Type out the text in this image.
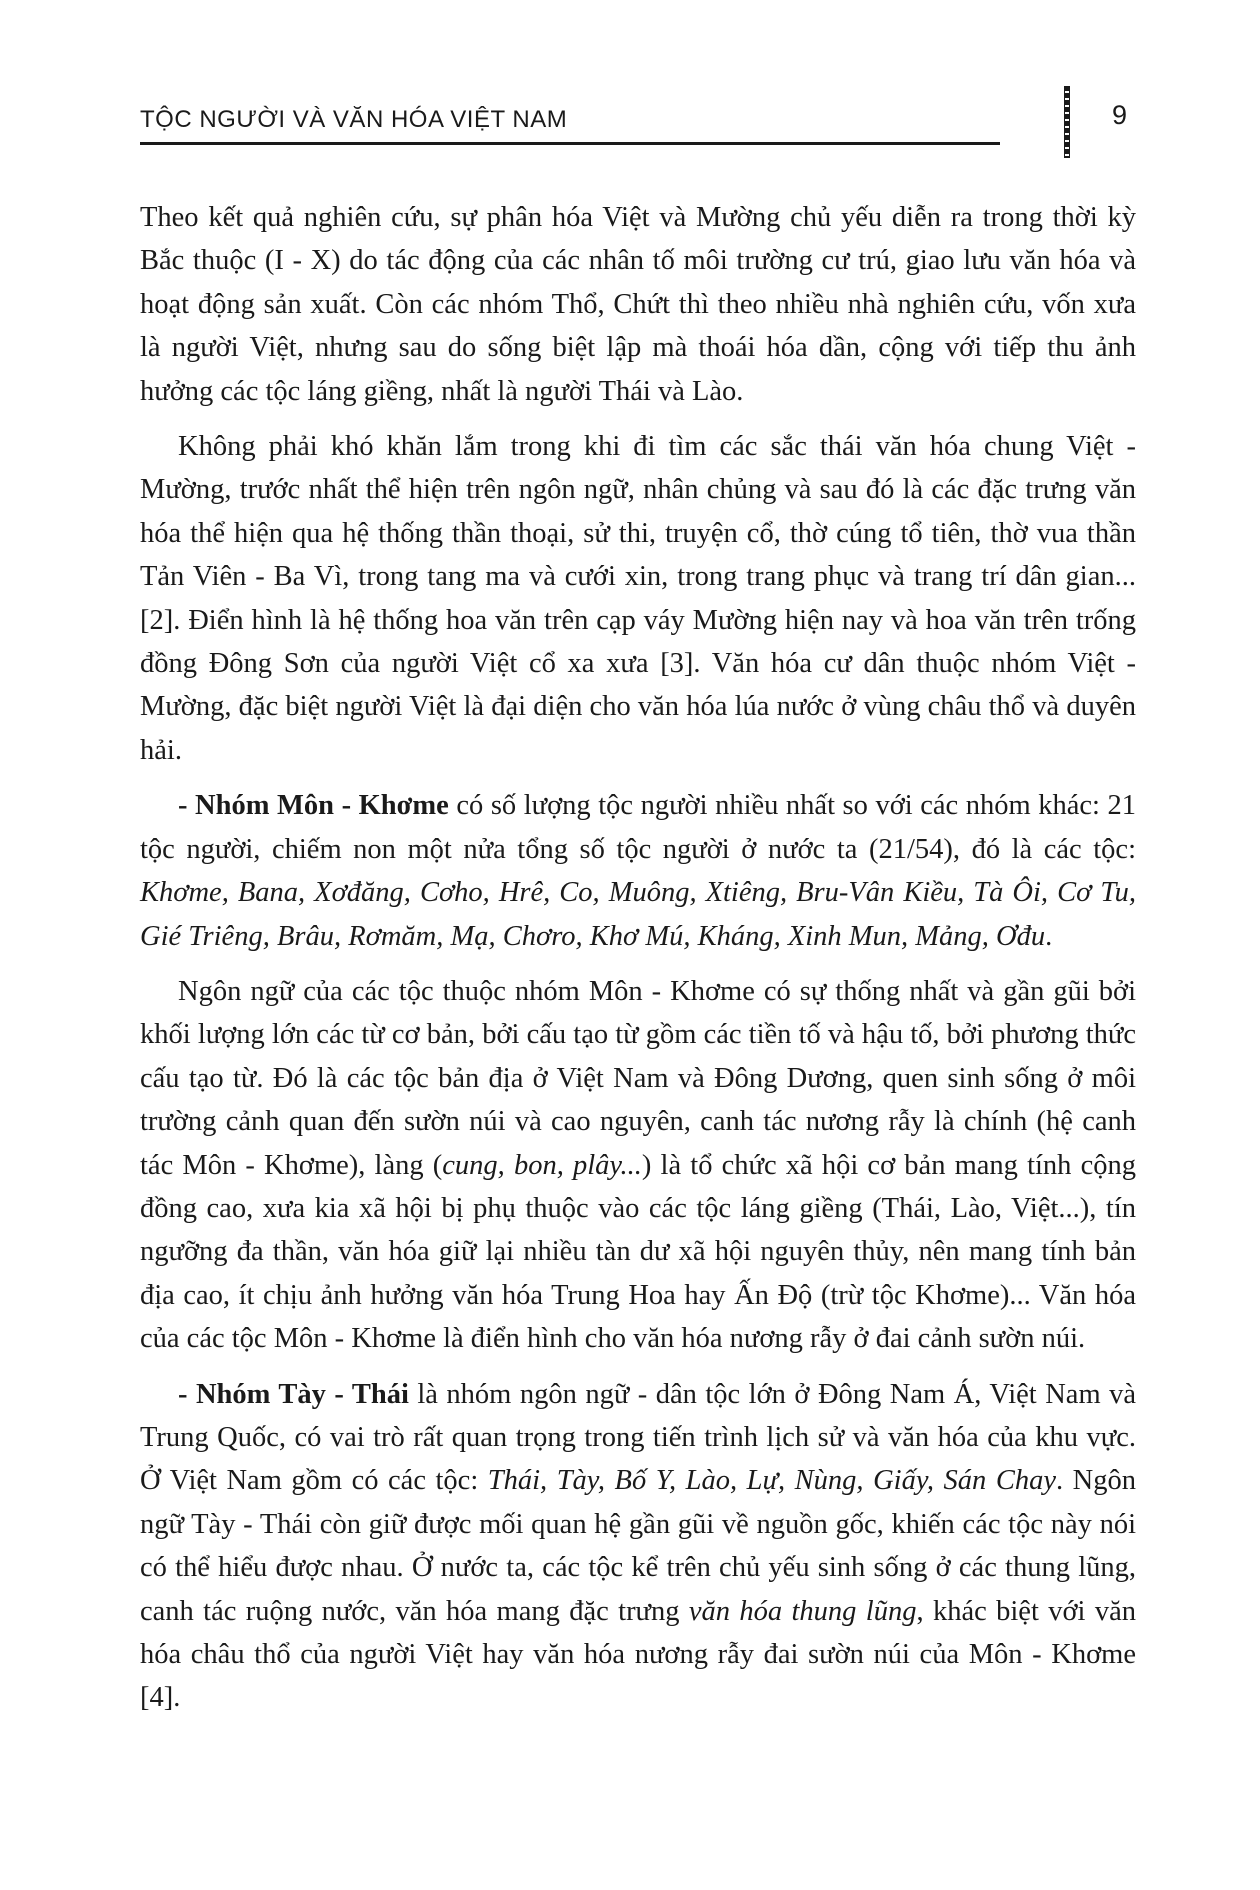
TỘC NGƯỜI VÀ VĂN HÓA VIỆT NAM	9

Theo kết quả nghiên cứu, sự phân hóa Việt và Mường chủ yếu diễn ra trong thời kỳ Bắc thuộc (I - X) do tác động của các nhân tố môi trường cư trú, giao lưu văn hóa và hoạt động sản xuất. Còn các nhóm Thổ, Chứt thì theo nhiều nhà nghiên cứu, vốn xưa là người Việt, nhưng sau do sống biệt lập mà thoái hóa dần, cộng với tiếp thu ảnh hưởng các tộc láng giềng, nhất là người Thái và Lào.

Không phải khó khăn lắm trong khi đi tìm các sắc thái văn hóa chung Việt - Mường, trước nhất thể hiện trên ngôn ngữ, nhân chủng và sau đó là các đặc trưng văn hóa thể hiện qua hệ thống thần thoại, sử thi, truyện cổ, thờ cúng tổ tiên, thờ vua thần Tản Viên - Ba Vì, trong tang ma và cưới xin, trong trang phục và trang trí dân gian... [2]. Điển hình là hệ thống hoa văn trên cạp váy Mường hiện nay và hoa văn trên trống đồng Đông Sơn của người Việt cổ xa xưa [3]. Văn hóa cư dân thuộc nhóm Việt - Mường, đặc biệt người Việt là đại diện cho văn hóa lúa nước ở vùng châu thổ và duyên hải.

- Nhóm Môn - Khơme có số lượng tộc người nhiều nhất so với các nhóm khác: 21 tộc người, chiếm non một nửa tổng số tộc người ở nước ta (21/54), đó là các tộc: Khơme, Bana, Xơđăng, Cơho, Hrê, Co, Muông, Xtiêng, Bru-Vân Kiều, Tà Ôi, Cơ Tu, Gié Triêng, Brâu, Rơmăm, Mạ, Chơro, Khơ Mú, Kháng, Xinh Mun, Mảng, Ơđu.

Ngôn ngữ của các tộc thuộc nhóm Môn - Khơme có sự thống nhất và gần gũi bởi khối lượng lớn các từ cơ bản, bởi cấu tạo từ gồm các tiền tố và hậu tố, bởi phương thức cấu tạo từ. Đó là các tộc bản địa ở Việt Nam và Đông Dương, quen sinh sống ở môi trường cảnh quan đến sườn núi và cao nguyên, canh tác nương rẫy là chính (hệ canh tác Môn - Khơme), làng (cung, bon, plây...) là tổ chức xã hội cơ bản mang tính cộng đồng cao, xưa kia xã hội bị phụ thuộc vào các tộc láng giềng (Thái, Lào, Việt...), tín ngưỡng đa thần, văn hóa giữ lại nhiều tàn dư xã hội nguyên thủy, nên mang tính bản địa cao, ít chịu ảnh hưởng văn hóa Trung Hoa hay Ấn Độ (trừ tộc Khơme)... Văn hóa của các tộc Môn - Khơme là điển hình cho văn hóa nương rẫy ở đai cảnh sườn núi.

- Nhóm Tày - Thái là nhóm ngôn ngữ - dân tộc lớn ở Đông Nam Á, Việt Nam và Trung Quốc, có vai trò rất quan trọng trong tiến trình lịch sử và văn hóa của khu vực. Ở Việt Nam gồm có các tộc: Thái, Tày, Bố Y, Lào, Lự, Nùng, Giấy, Sán Chay. Ngôn ngữ Tày - Thái còn giữ được mối quan hệ gần gũi về nguồn gốc, khiến các tộc này nói có thể hiểu được nhau. Ở nước ta, các tộc kể trên chủ yếu sinh sống ở các thung lũng, canh tác ruộng nước, văn hóa mang đặc trưng văn hóa thung lũng, khác biệt với văn hóa châu thổ của người Việt hay văn hóa nương rẫy đai sườn núi của Môn - Khơme [4].
